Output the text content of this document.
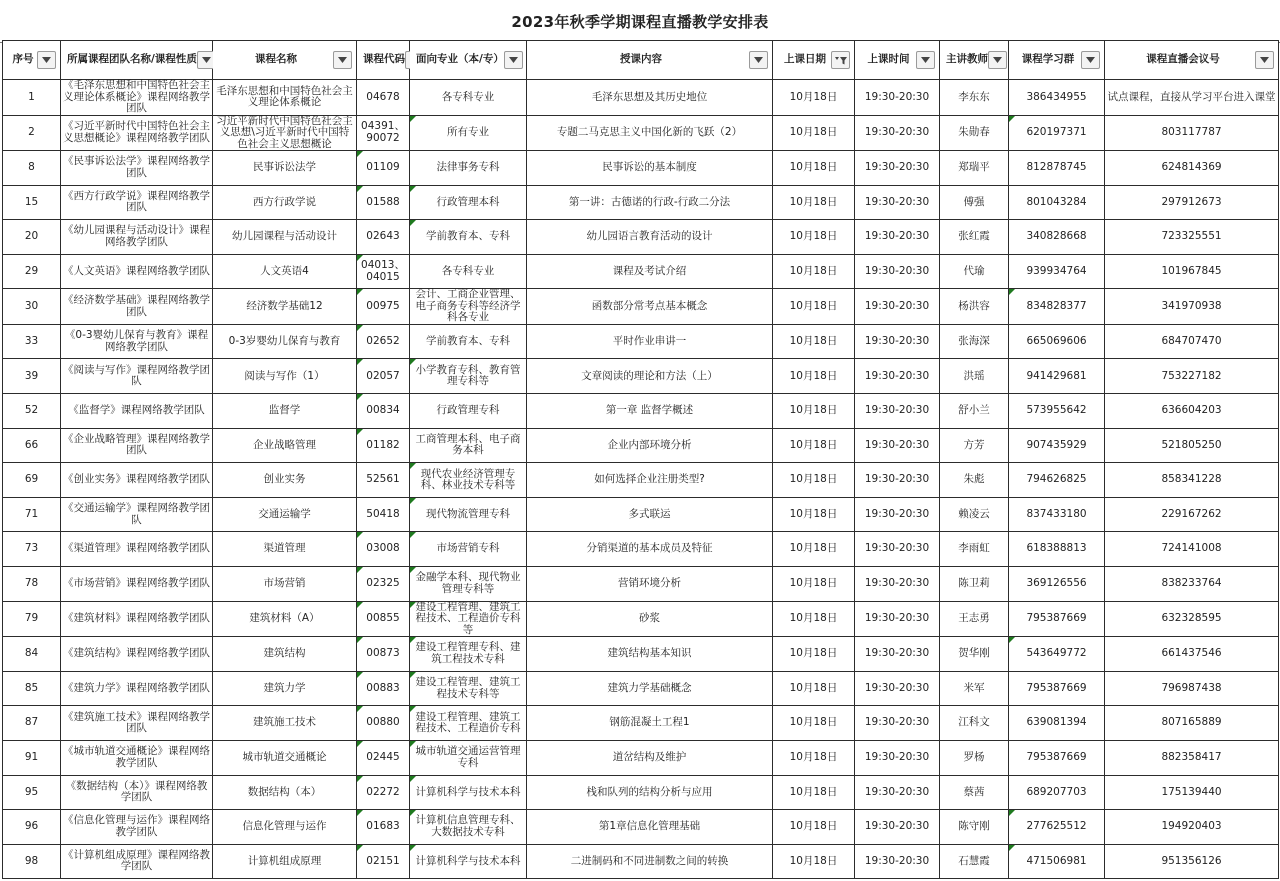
2023年秋季学期课程直播教学安排表
序号	所属课程团队名称/课程性质	课程名称	课程代码	面向专业（本/专）	授课内容	上课日期	上课时间	主讲教师	课程学习群	课程直播会议号

1	《毛泽东思想和中国特色社会主义理论体系概论》课程网络教学团队	毛泽东思想和中国特色社会主义理论体系概论	04678	各专科专业	毛泽东思想及其历史地位	10月18日	19:30-20:30	李东东	386434955	试点课程，直接从学习平台进入课堂
2	《习近平新时代中国特色社会主义思想概论》课程网络教学团队	习近平新时代中国特色社会主义思想\习近平新时代中国特色社会主义思想概论	04391、90072	所有专业	专题二马克思主义中国化新的飞跃（2）	10月18日	19:30-20:30	朱勋春	620197371	803117787
8	《民事诉讼法学》课程网络教学团队	民事诉讼法学	01109	法律事务专科	民事诉讼的基本制度	10月18日	19:30-20:30	郑瑞平	812878745	624814369
15	《西方行政学说》课程网络教学团队	西方行政学说	01588	行政管理本科	第一讲：古德诺的行政-行政二分法	10月18日	19:30-20:30	傅强	801043284	297912673
20	《幼儿园课程与活动设计》课程网络教学团队	幼儿园课程与活动设计	02643	学前教育本、专科	幼儿园语言教育活动的设计	10月18日	19:30-20:30	张红霞	340828668	723325551
29	《人文英语》课程网络教学团队	人文英语4	04013、04015	各专科专业	课程及考试介绍	10月18日	19:30-20:30	代瑜	939934764	101967845
30	《经济数学基础》课程网络教学团队	经济数学基础12	00975	会计、工商企业管理、电子商务专科等经济学科各专业	函数部分常考点基本概念	10月18日	19:30-20:30	杨洪容	834828377	341970938
33	《0-3婴幼儿保育与教育》课程网络教学团队	0-3岁婴幼儿保育与教育	02652	学前教育本、专科	平时作业串讲一	10月18日	19:30-20:30	张海深	665069606	684707470
39	《阅读与写作》课程网络教学团队	阅读与写作（1）	02057	小学教育专科、教育管理专科等	文章阅读的理论和方法（上）	10月18日	19:30-20:30	洪瑶	941429681	753227182
52	《监督学》课程网络教学团队	监督学	00834	行政管理专科	第一章 监督学概述	10月18日	19:30-20:30	舒小兰	573955642	636604203
66	《企业战略管理》课程网络教学团队	企业战略管理	01182	工商管理本科、电子商务本科	企业内部环境分析	10月18日	19:30-20:30	方芳	907435929	521805250
69	《创业实务》课程网络教学团队	创业实务	52561	现代农业经济管理专科、林业技术专科等	如何选择企业注册类型?	10月18日	19:30-20:30	朱彪	794626825	858341228
71	《交通运输学》课程网络教学团队	交通运输学	50418	现代物流管理专科	多式联运	10月18日	19:30-20:30	赖凌云	837433180	229167262
73	《渠道管理》课程网络教学团队	渠道管理	03008	市场营销专科	分销渠道的基本成员及特征	10月18日	19:30-20:30	李雨虹	618388813	724141008
78	《市场营销》课程网络教学团队	市场营销	02325	金融学本科、现代物业管理专科等	营销环境分析	10月18日	19:30-20:30	陈卫莉	369126556	838233764
79	《建筑材料》课程网络教学团队	建筑材料（A）	00855	建设工程管理、建筑工程技术、工程造价专科等	砂浆	10月18日	19:30-20:30	王志勇	795387669	632328595
84	《建筑结构》课程网络教学团队	建筑结构	00873	建设工程管理专科、建筑工程技术专科	建筑结构基本知识	10月18日	19:30-20:30	贺华刚	543649772	661437546
85	《建筑力学》课程网络教学团队	建筑力学	00883	建设工程管理、建筑工程技术专科等	建筑力学基础概念	10月18日	19:30-20:30	米军	795387669	796987438
87	《建筑施工技术》课程网络教学团队	建筑施工技术	00880	建设工程管理、建筑工程技术、工程造价专科	钢筋混凝土工程1	10月18日	19:30-20:30	江科文	639081394	807165889
91	《城市轨道交通概论》课程网络教学团队	城市轨道交通概论	02445	城市轨道交通运营管理专科	道岔结构及维护	10月18日	19:30-20:30	罗杨	795387669	882358417
95	《数据结构（本）》课程网络教学团队	数据结构（本）	02272	计算机科学与技术本科	栈和队列的结构分析与应用	10月18日	19:30-20:30	蔡茜	689207703	175139440
96	《信息化管理与运作》课程网络教学团队	信息化管理与运作	01683	计算机信息管理专科、大数据技术专科	第1章信息化管理基础	10月18日	19:30-20:30	陈守刚	277625512	194920403
98	《计算机组成原理》课程网络教学团队	计算机组成原理	02151	计算机科学与技术本科	二进制码和不同进制数之间的转换	10月18日	19:30-20:30	石慧霞	471506981	951356126
